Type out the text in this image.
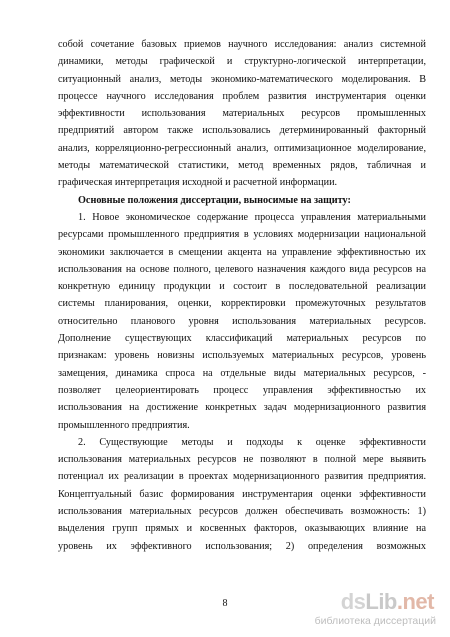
собой сочетание базовых приемов научного исследования: анализ системной
динамики, методы графической и структурно-логической интерпретации,
ситуационный анализ, методы экономико-математического моделирования. В
процессе научного исследования проблем развития инструментария оценки
эффективности использования материальных ресурсов промышленных
предприятий автором также использовались детерминированный факторный
анализ, корреляционно-регрессионный анализ, оптимизационное моделирование,
методы математической статистики, метод временных рядов, табличная и
графическая интерпретация исходной и расчетной информации.
Основные положения диссертации, выносимые на защиту:
1. Новое экономическое содержание процесса управления материальными
ресурсами промышленного предприятия в условиях модернизации национальной
экономики заключается в смещении акцента на управление эффективностью их
использования на основе полного, целевого назначения каждого вида ресурсов на
конкретную единицу продукции и состоит в последовательной реализации
системы планирования, оценки, корректировки промежуточных результатов
относительно планового уровня использования материальных ресурсов.
Дополнение существующих классификаций материальных ресурсов по
признакам: уровень новизны используемых материальных ресурсов, уровень
замещения, динамика спроса на отдельные виды материальных ресурсов, -
позволяет целеориентировать процесс управления эффективностью их
использования на достижение конкретных задач модернизационного развития
промышленного предприятия.
2. Существующие методы и подходы к оценке эффективности
использования материальных ресурсов не позволяют в полной мере выявить
потенциал их реализации в проектах модернизационного развития предприятия.
Концептуальный базис формирования инструментария оценки эффективности
использования материальных ресурсов должен обеспечивать возможность: 1)
выделения групп прямых и косвенных факторов, оказывающих влияние на
уровень их эффективного использования; 2) определения возможных
8	dsLib.net
библиотека диссертаций
